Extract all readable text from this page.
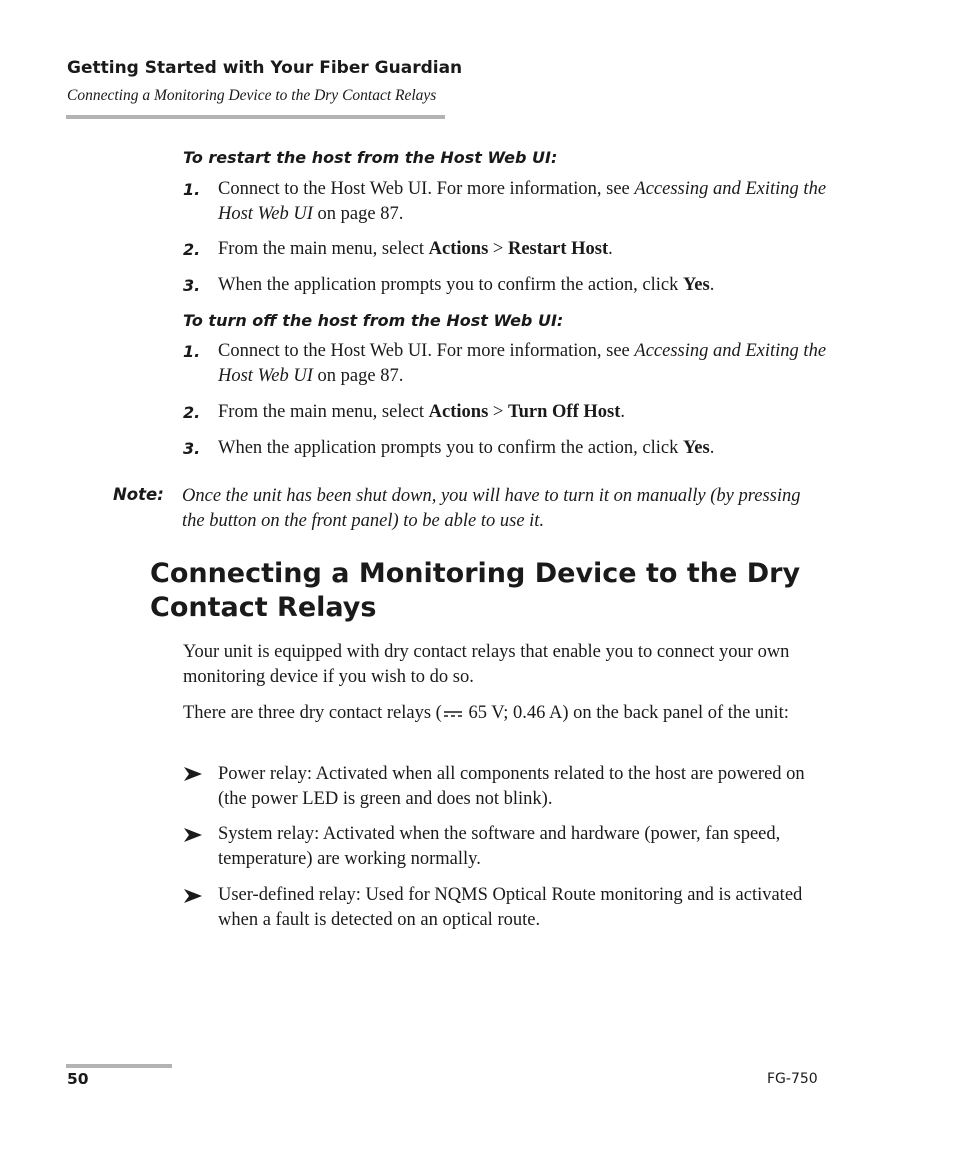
Getting Started with Your Fiber Guardian
Connecting a Monitoring Device to the Dry Contact Relays
To restart the host from the Host Web UI:
1. Connect to the Host Web UI. For more information, see Accessing and Exiting the Host Web UI on page 87.
2. From the main menu, select Actions > Restart Host.
3. When the application prompts you to confirm the action, click Yes.
To turn off the host from the Host Web UI:
1. Connect to the Host Web UI. For more information, see Accessing and Exiting the Host Web UI on page 87.
2. From the main menu, select Actions > Turn Off Host.
3. When the application prompts you to confirm the action, click Yes.
Note: Once the unit has been shut down, you will have to turn it on manually (by pressing the button on the front panel) to be able to use it.
Connecting a Monitoring Device to the Dry Contact Relays
Your unit is equipped with dry contact relays that enable you to connect your own monitoring device if you wish to do so.
There are three dry contact relays ( 65 V; 0.46 A) on the back panel of the unit:
Power relay: Activated when all components related to the host are powered on (the power LED is green and does not blink).
System relay: Activated when the software and hardware (power, fan speed, temperature) are working normally.
User-defined relay: Used for NQMS Optical Route monitoring and is activated when a fault is detected on an optical route.
50	FG-750
